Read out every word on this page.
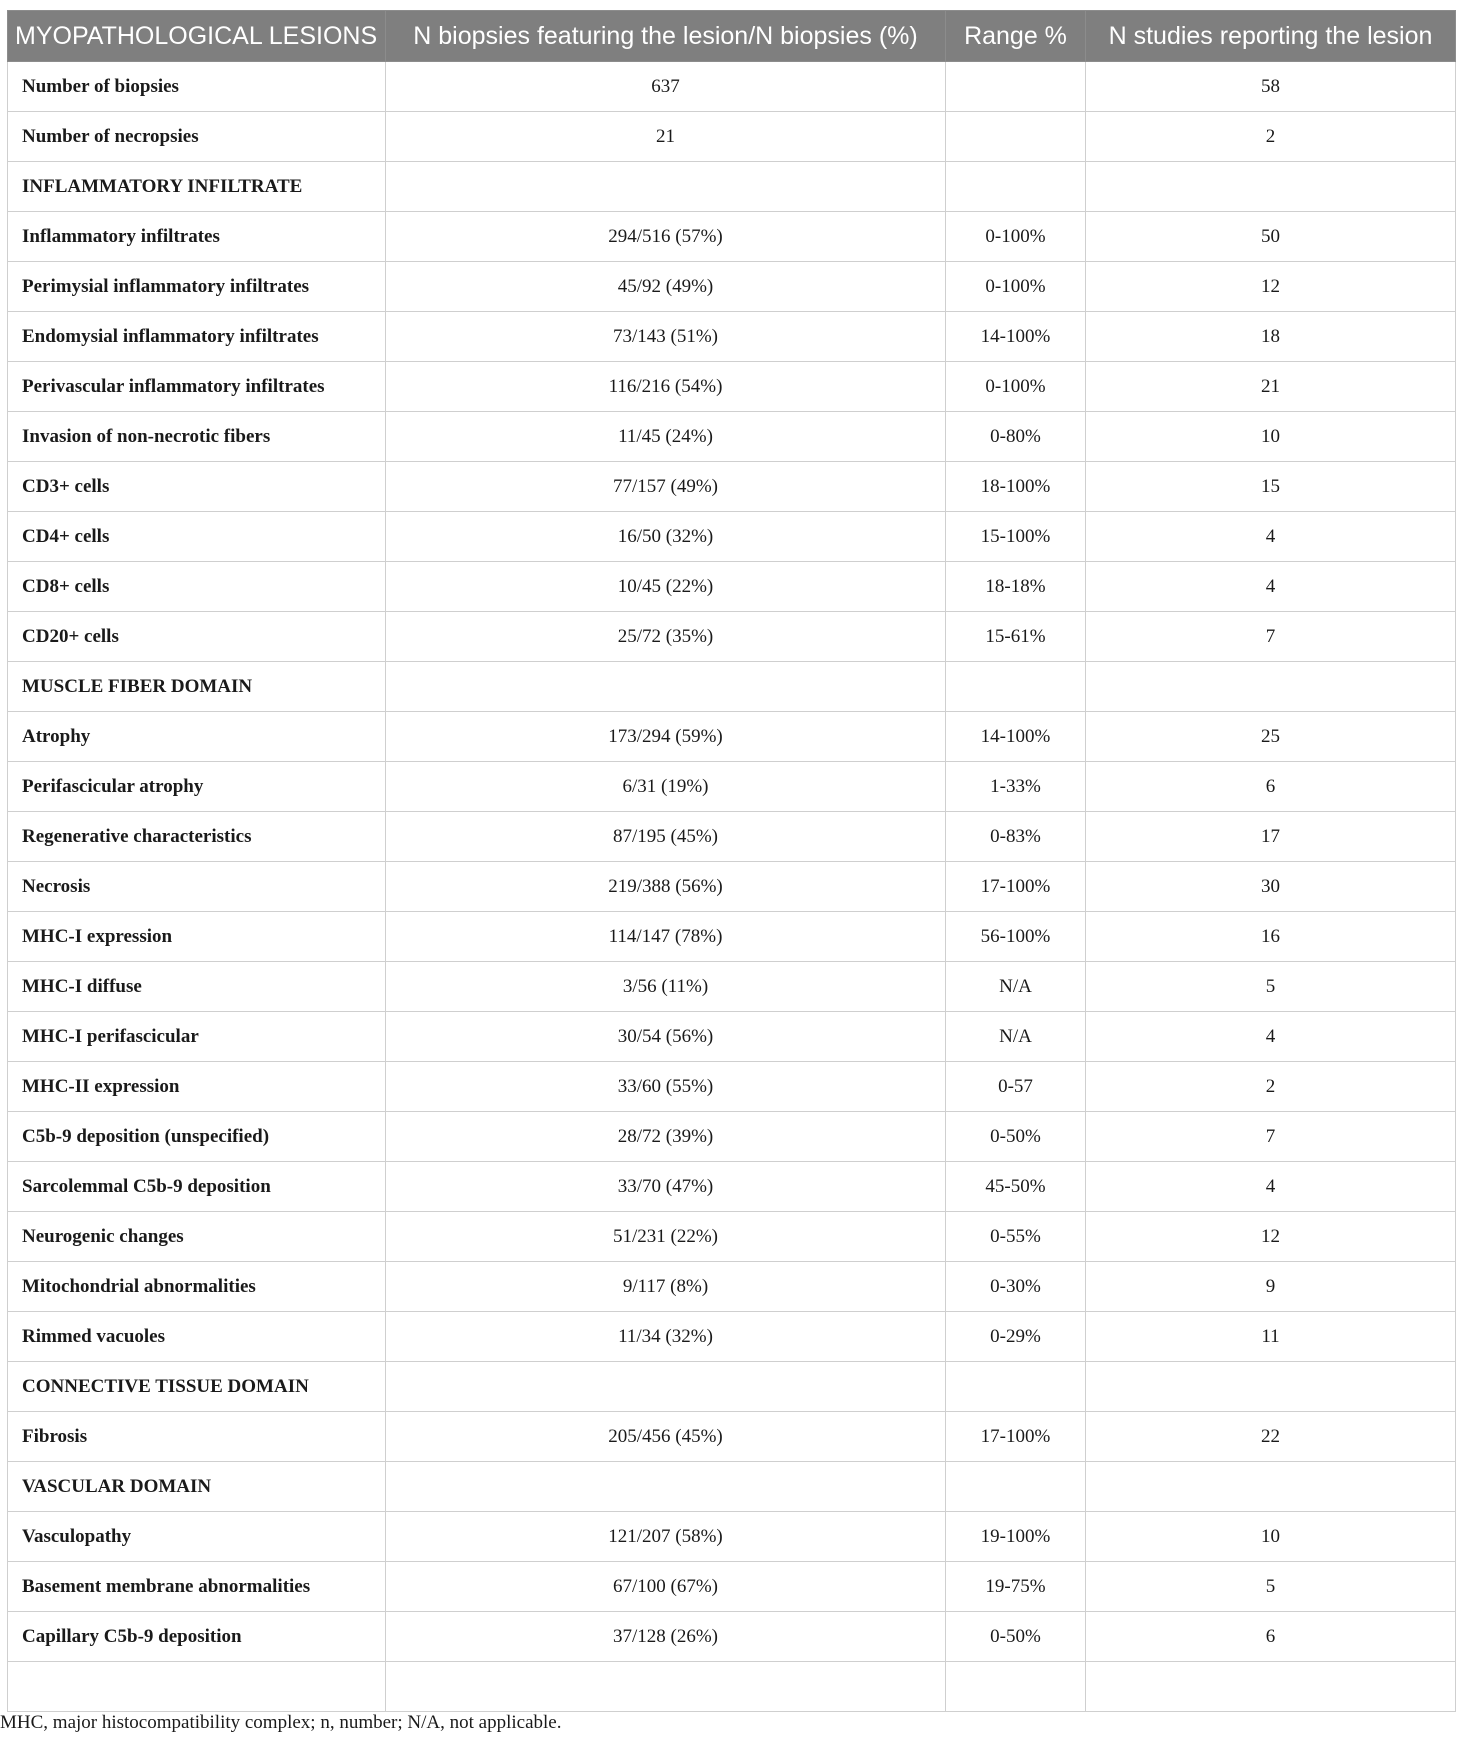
MYOPATHOLOGICAL LESIONS	N biopsies featuring the lesion/N biopsies (%)	Range %	N studies reporting the lesion
Number of biopsies	637		58
Number of necropsies	21		2
INFLAMMATORY INFILTRATE			
Inflammatory infiltrates	294/516 (57%)	0-100%	50
Perimysial inflammatory infiltrates	45/92 (49%)	0-100%	12
Endomysial inflammatory infiltrates	73/143 (51%)	14-100%	18
Perivascular inflammatory infiltrates	116/216 (54%)	0-100%	21
Invasion of non-necrotic fibers	11/45 (24%)	0-80%	10
CD3+ cells	77/157 (49%)	18-100%	15
CD4+ cells	16/50 (32%)	15-100%	4
CD8+ cells	10/45 (22%)	18-18%	4
CD20+ cells	25/72 (35%)	15-61%	7
MUSCLE FIBER DOMAIN			
Atrophy	173/294 (59%)	14-100%	25
Perifascicular atrophy	6/31 (19%)	1-33%	6
Regenerative characteristics	87/195 (45%)	0-83%	17
Necrosis	219/388 (56%)	17-100%	30
MHC-I expression	114/147 (78%)	56-100%	16
MHC-I diffuse	3/56 (11%)	N/A	5
MHC-I perifascicular	30/54 (56%)	N/A	4
MHC-II expression	33/60 (55%)	0-57	2
C5b-9 deposition (unspecified)	28/72 (39%)	0-50%	7
Sarcolemmal C5b-9 deposition	33/70 (47%)	45-50%	4
Neurogenic changes	51/231 (22%)	0-55%	12
Mitochondrial abnormalities	9/117 (8%)	0-30%	9
Rimmed vacuoles	11/34 (32%)	0-29%	11
CONNECTIVE TISSUE DOMAIN			
Fibrosis	205/456 (45%)	17-100%	22
VASCULAR DOMAIN			
Vasculopathy	121/207 (58%)	19-100%	10
Basement membrane abnormalities	67/100 (67%)	19-75%	5
Capillary C5b-9 deposition	37/128 (26%)	0-50%	6

MHC, major histocompatibility complex; n, number; N/A, not applicable.
